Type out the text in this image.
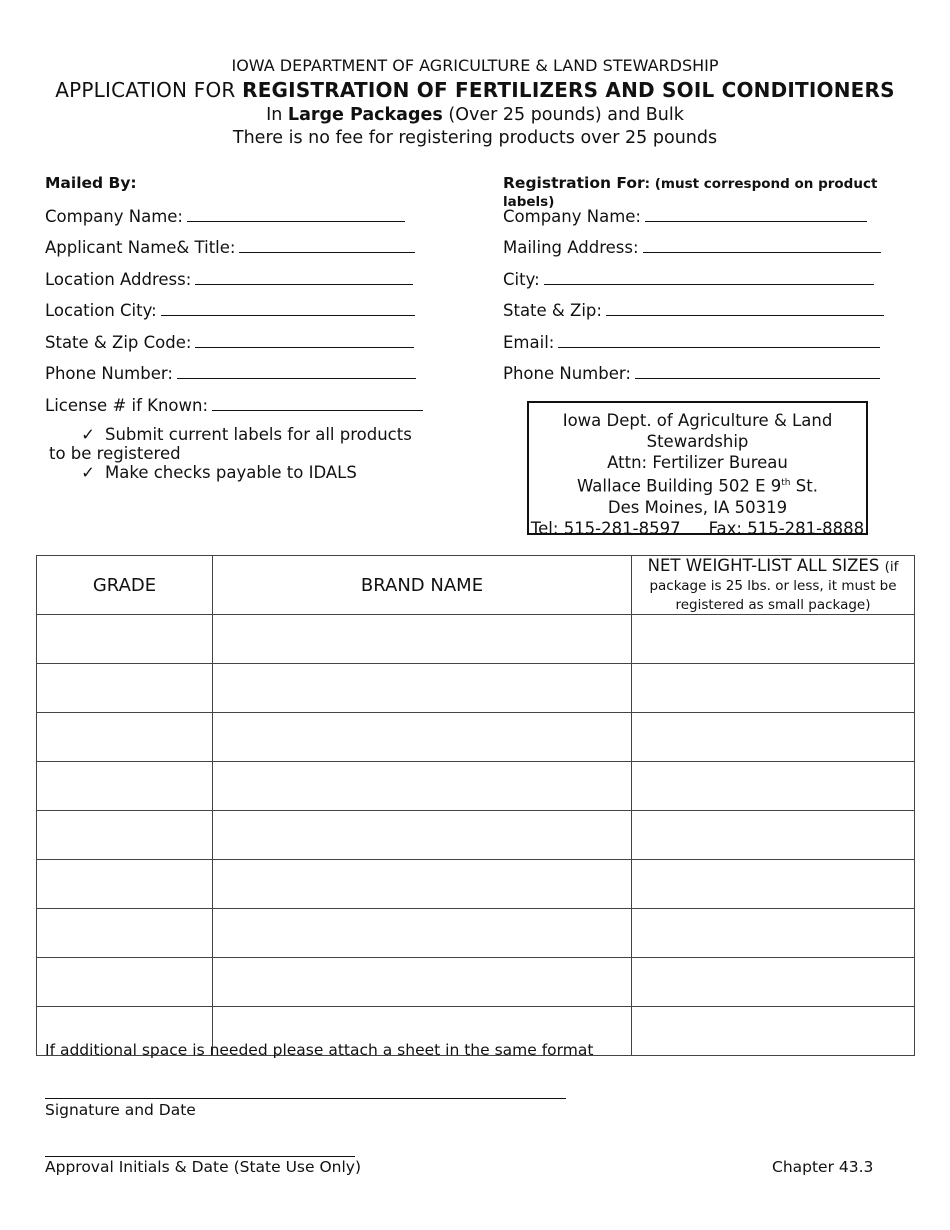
IOWA DEPARTMENT OF AGRICULTURE & LAND STEWARDSHIP
APPLICATION FOR REGISTRATION OF FERTILIZERS AND SOIL CONDITIONERS
In Large Packages (Over 25 pounds) and Bulk
There is no fee for registering products over 25 pounds
Mailed By:
Company Name:
Applicant Name& Title:
Location Address:
Location City:
State & Zip Code:
Phone Number:
License # if Known:
✓ Submit current labels for all products
to be registered
✓ Make checks payable to IDALS
Registration For: (must correspond on product labels)
Company Name:
Mailing Address:
City:
State & Zip:
Email:
Phone Number:
Iowa Dept. of Agriculture & Land
Stewardship
Attn: Fertilizer Bureau
Wallace Building 502 E 9th St.
Des Moines, IA 50319
Tel: 515-281-8597 Fax: 515-281-8888
GRADE	BRAND NAME	NET WEIGHT-LIST ALL SIZES (if package is 25 lbs. or less, it must be registered as small package)

If additional space is needed please attach a sheet in the same format
Signature and Date
Approval Initials & Date (State Use Only)	Chapter 43.3
